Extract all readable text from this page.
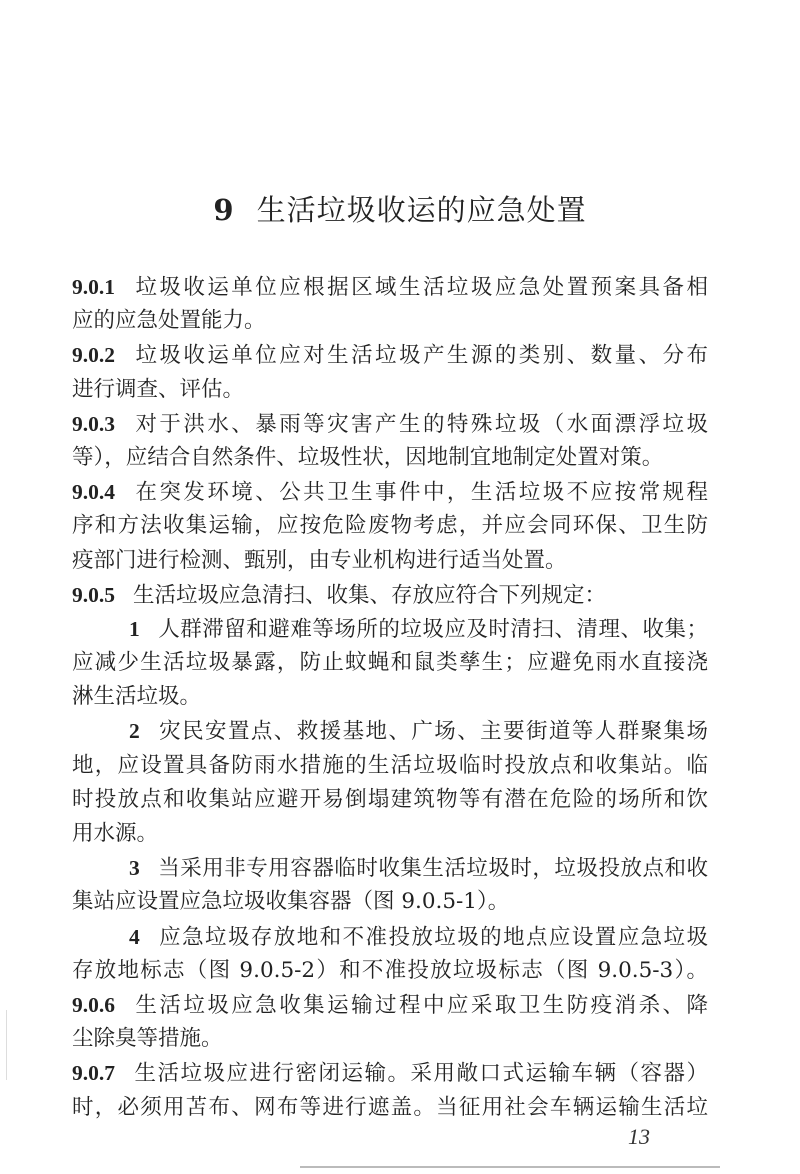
9 生活垃圾收运的应急处置
9.0.1 垃圾收运单位应根据区域生活垃圾应急处置预案具备相
应的应急处置能力。
9.0.2 垃圾收运单位应对生活垃圾产生源的类别、数量、分布
进行调查、评估。
9.0.3 对于洪水、暴雨等灾害产生的特殊垃圾（水面漂浮垃圾
等），应结合自然条件、垃圾性状，因地制宜地制定处置对策。
9.0.4 在突发环境、公共卫生事件中，生活垃圾不应按常规程
序和方法收集运输，应按危险废物考虑，并应会同环保、卫生防
疫部门进行检测、甄别，由专业机构进行适当处置。
9.0.5 生活垃圾应急清扫、收集、存放应符合下列规定：
1 人群滞留和避难等场所的垃圾应及时清扫、清理、收集；
应减少生活垃圾暴露，防止蚊蝇和鼠类孳生；应避免雨水直接浇
淋生活垃圾。
2 灾民安置点、救援基地、广场、主要街道等人群聚集场
地，应设置具备防雨水措施的生活垃圾临时投放点和收集站。临
时投放点和收集站应避开易倒塌建筑物等有潜在危险的场所和饮
用水源。
3 当采用非专用容器临时收集生活垃圾时，垃圾投放点和收
集站应设置应急垃圾收集容器（图 9.0.5-1）。
4 应急垃圾存放地和不准投放垃圾的地点应设置应急垃圾
存放地标志（图 9.0.5-2）和不准投放垃圾标志（图 9.0.5-3）。
9.0.6 生活垃圾应急收集运输过程中应采取卫生防疫消杀、降
尘除臭等措施。
9.0.7 生活垃圾应进行密闭运输。采用敞口式运输车辆（容器）
时，必须用苫布、网布等进行遮盖。当征用社会车辆运输生活垃
13
